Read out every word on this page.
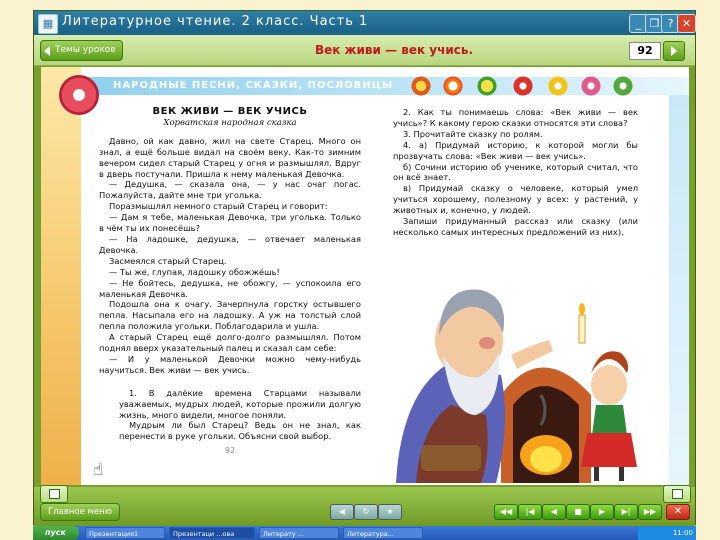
▦ Литературное чтение. 2 класс. Часть 1	_ ❐ ? ✕
Темы уроков	Век живи — век учись.	92
НАРОДНЫЕ ПЕСНИ, СКАЗКИ, ПОСЛОВИЦЫ
ВЕК ЖИВИ — ВЕК УЧИСЬ
Хорватская народная сказка

Давно, ой как давно, жил на свете Старец. Много он знал, а ещё больше видал на своём веку. Как-то зимним вечером сидел старый Старец у огня и размышлял. Вдруг в дверь постучали. Пришла к нему маленькая Девочка.

— Дедушка, — сказала она, — у нас очаг погас. Пожалуйста, дайте мне три уголька.

Поразмышлял немного старый Старец и говорит:

— Дам я тебе, маленькая Девочка, три уголька. Только в чём ты их понесёшь?

— На ладошке, дедушка, — отвечает маленькая Девочка.

Засмеялся старый Старец.

— Ты же, глупая, ладошку обожжёшь!

— Не бойтесь, дедушка, не обожгу, — успокоила его маленькая Девочка.

Подошла она к очагу. Зачерпнула горстку остывшего пепла. Насыпала его на ладошку. А уж на толстый слой пепла положила угольки. Поблагодарила и ушла.

А старый Старец ещё долго-долго размышлял. Потом поднял вверх указательный палец и сказал сам себе:

— И у маленькой Девочки можно чему-нибудь научиться. Век живи — век учись.

1. В далёкие времена Старцами называли уважаемых, мудрых людей, которые прожили долгую жизнь, много видели, многое поняли.

Мудрым ли был Старец? Ведь он не знал, как перенести в руке угольки. Объясни свой выбор.

92
☝

2. Как ты понимаешь слова: «Век живи — век учись»? К какому герою сказки относятся эти слова?

3. Прочитайте сказку по ролям.

4. а) Придумай историю, к которой могли бы прозвучать слова: «Век живи — век учись».

б) Сочини историю об ученике, который считал, что он всё знает.

в) Придумай сказку о человеке, который умел учиться хорошему, полезному у всех: у растений, у животных и, конечно, у людей.

Запиши придуманный рассказ или сказку (или несколько самых интересных предложений из них).

Главное меню	◀	↻	★	◀◀	|◀	◀	■	▶	▶|	▶▶	✕
пуск	Презентация1	Презентаци ...ова	Литерату ...	Литература...	11:00
